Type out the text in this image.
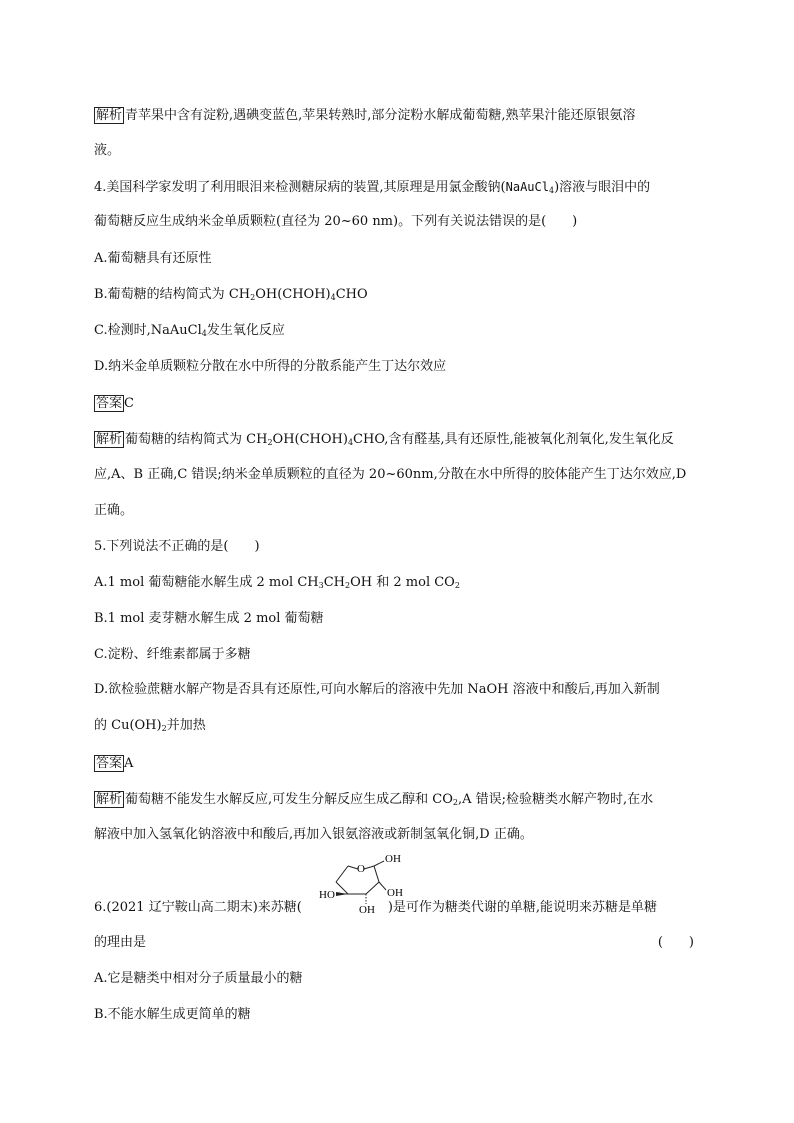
解析 青苹果中含有淀粉,遇碘变蓝色,苹果转熟时,部分淀粉水解成葡萄糖,熟苹果汁能还原银氨溶
液。
4.美国科学家发明了利用眼泪来检测糖尿病的装置,其原理是用氯金酸钠(NaAuCl$_4$)溶液与眼泪中的
葡萄糖反应生成纳米金单质颗粒(直径为 20~60 nm)。下列有关说法错误的是(　　)
A.葡萄糖具有还原性
B.葡萄糖的结构简式为 $CH_2OH(CHOH)_4CHO$
C.检测时,NaAuCl$_4$发生氧化反应
D.纳米金单质颗粒分散在水中所得的分散系能产生丁达尔效应
答案 C
解析 葡萄糖的结构简式为 $CH_2OH(CHOH)_4CHO$,含有醛基,具有还原性,能被氧化剂氧化,发生氧化反
应,A、B 正确,C 错误;纳米金单质颗粒的直径为 20~60nm,分散在水中所得的胶体能产生丁达尔效应,D
正确。
5.下列说法不正确的是(　　)
A.1 mol 葡萄糖能水解生成 2 mol $CH_3CH_2OH$ 和 2 mol $CO_2$
B.1 mol 麦芽糖水解生成 2 mol 葡萄糖
C.淀粉、纤维素都属于多糖
D.欲检验蔗糖水解产物是否具有还原性,可向水解后的溶液中先加 NaOH 溶液中和酸后,再加入新制
的 $Cu(OH)_2$并加热
答案 A
解析 葡萄糖不能发生水解反应,可发生分解反应生成乙醇和 $CO_2,A$ 错误;检验糖类水解产物时,在水
解液中加入氢氧化钠溶液中和酸后,再加入银氨溶液或新制氢氧化铜,D 正确。
O
OH
OH
HO
OH
6.(2021 辽宁鞍山高二期末)来苏糖(	)是可作为糖类代谢的单糖,能说明来苏糖是单糖
的理由是	(　　)
A.它是糖类中相对分子质量最小的糖
B.不能水解生成更简单的糖
